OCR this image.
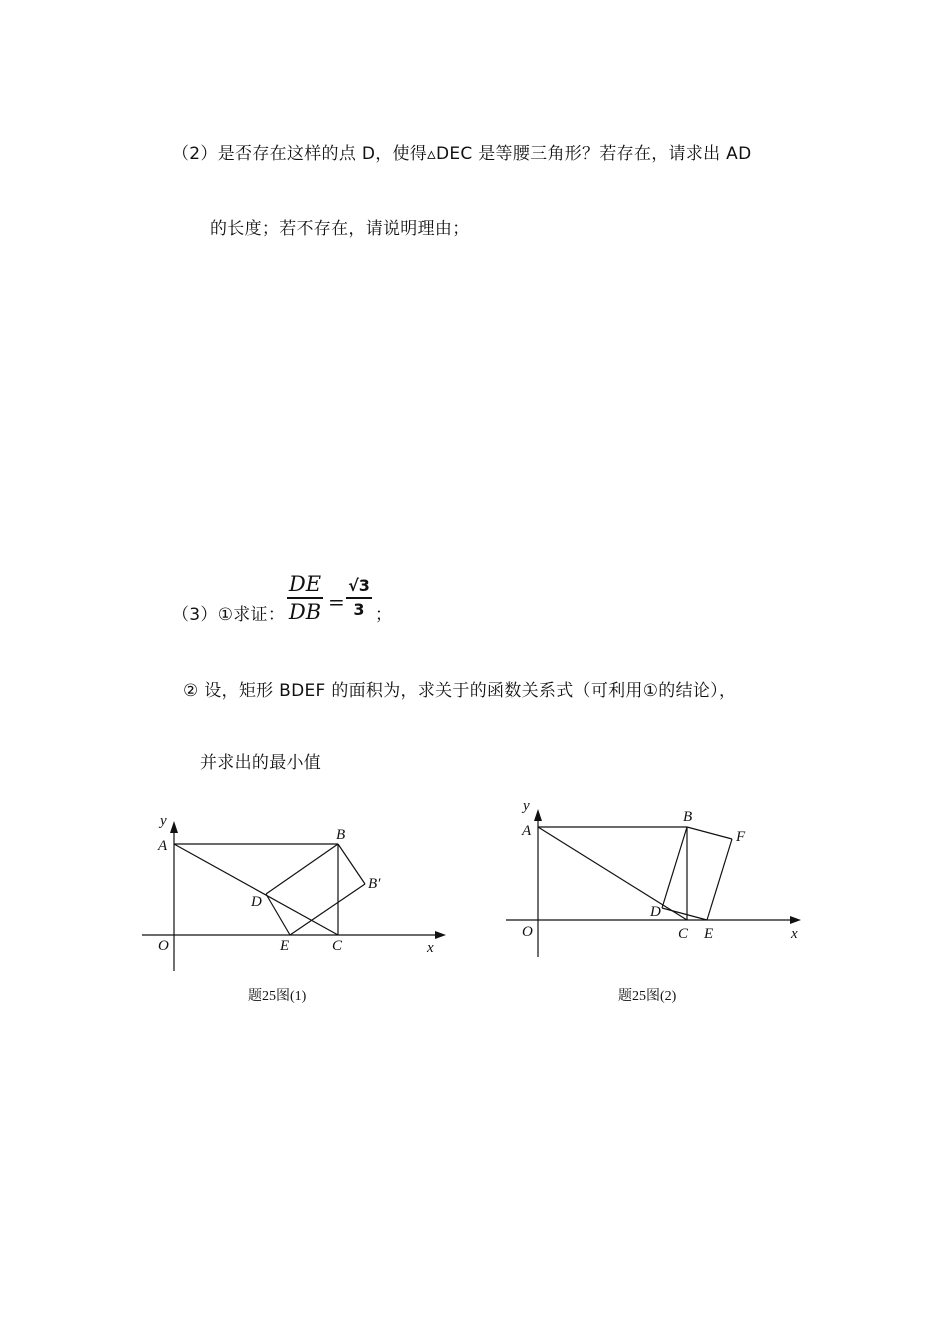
（2）是否存在这样的点 D，使得▵DEC 是等腰三角形？若存在，请求出 AD
的长度；若不存在，请说明理由；
（3）①求证：
DE
DB =
√3
3 ；
② 设，矩形 BDEF 的面积为，求关于的函数关系式（可利用①的结论），
并求出的最小值
y
A
B
B′
D
O	E	C	x
题25图(1)
y
A
B
F
D
O	C E	x
题25图(2)
